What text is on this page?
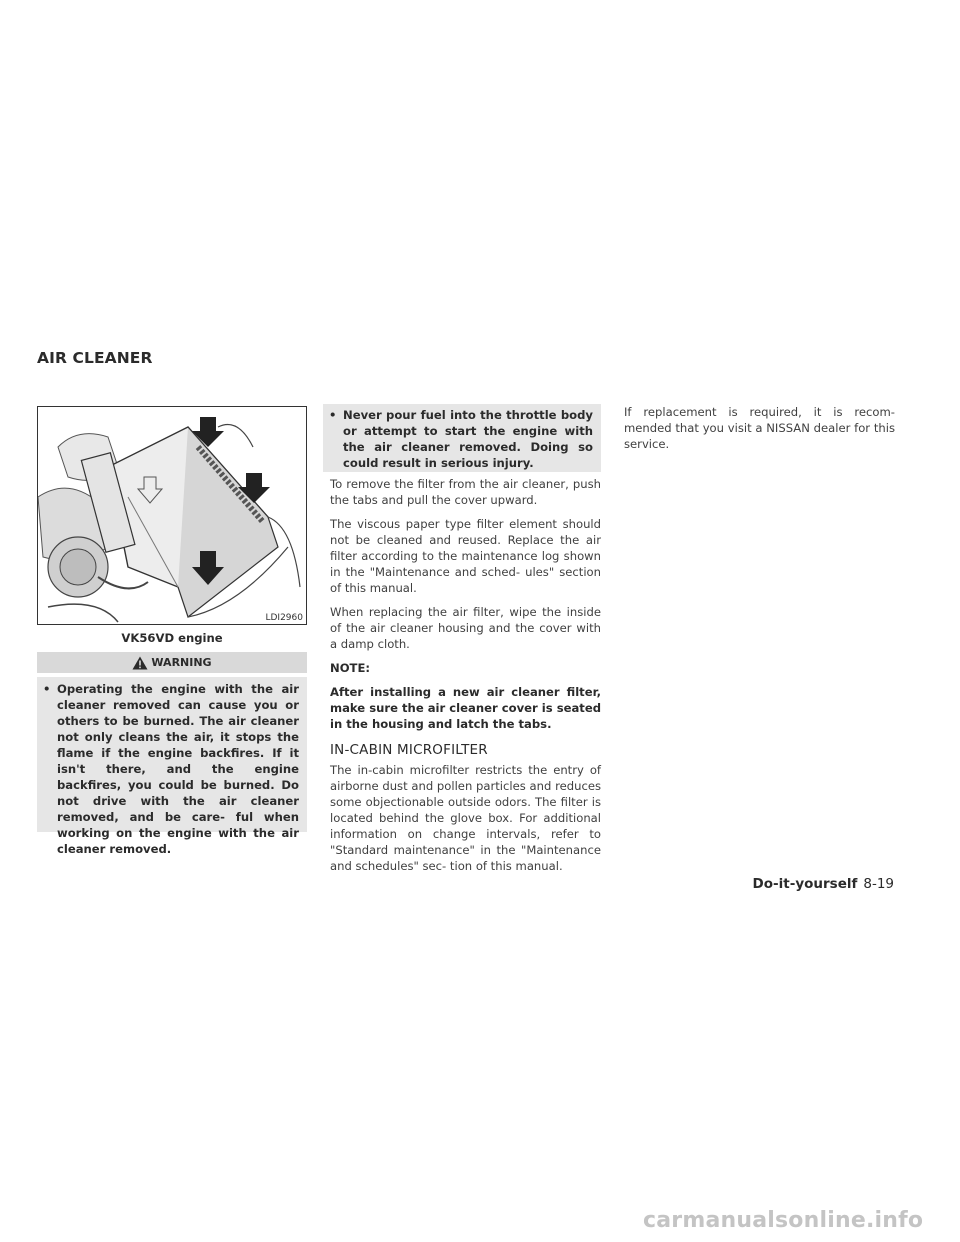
AIR CLEANER
LDI2960
VK56VD engine
WARNING
• Operating the engine with the air cleaner removed can cause you or others to be burned. The air cleaner not only cleans the air, it stops the flame if the engine backfires. If it isn't there, and the engine backfires, you could be burned. Do not drive with the air cleaner removed, and be care- ful when working on the engine with the air cleaner removed.
• Never pour fuel into the throttle body or attempt to start the engine with the air cleaner removed. Doing so could result in serious injury.

To remove the filter from the air cleaner, push the tabs and pull the cover upward.

The viscous paper type filter element should not be cleaned and reused. Replace the air filter according to the maintenance log shown in the "Maintenance and sched- ules" section of this manual.

When replacing the air filter, wipe the inside of the air cleaner housing and the cover with a damp cloth.

NOTE:
After installing a new air cleaner filter, make sure the air cleaner cover is seated in the housing and latch the tabs.
IN-CABIN MICROFILTER

The in-cabin microfilter restricts the entry of airborne dust and pollen particles and reduces some objectionable outside odors. The filter is located behind the glove box. For additional information on change intervals, refer to "Standard maintenance" in the "Maintenance and schedules" sec- tion of this manual.

If replacement is required, it is recom- mended that you visit a NISSAN dealer for this service.
Do-it-yourself 8-19
carmanualsonline.info
